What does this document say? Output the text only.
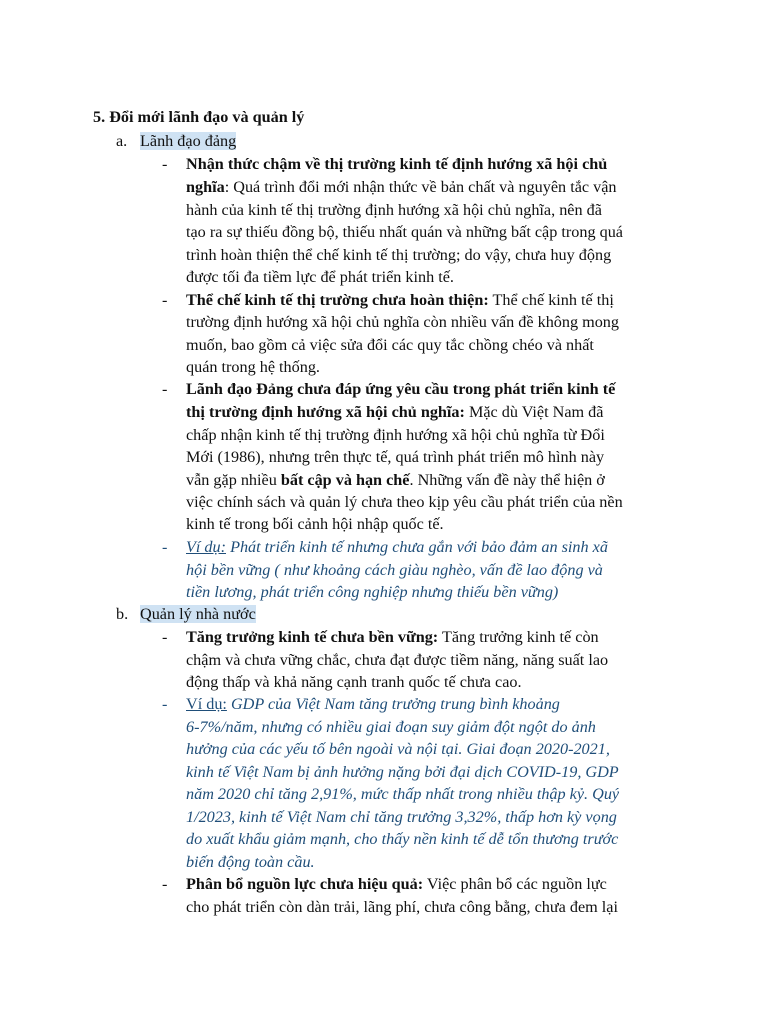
5. Đổi mới lãnh đạo và quản lý
a. Lãnh đạo đảng
- Nhận thức chậm về thị trường kinh tế định hướng xã hội chủ
nghĩa: Quá trình đổi mới nhận thức về bản chất và nguyên tắc vận
hành của kinh tế thị trường định hướng xã hội chủ nghĩa, nên đã
tạo ra sự thiếu đồng bộ, thiếu nhất quán và những bất cập trong quá
trình hoàn thiện thể chế kinh tế thị trường; do vậy, chưa huy động
được tối đa tiềm lực để phát triển kinh tế.
- Thể chế kinh tế thị trường chưa hoàn thiện: Thể chế kinh tế thị
trường định hướng xã hội chủ nghĩa còn nhiều vấn đề không mong
muốn, bao gồm cả việc sửa đổi các quy tắc chồng chéo và nhất
quán trong hệ thống.
- Lãnh đạo Đảng chưa đáp ứng yêu cầu trong phát triển kinh tế
thị trường định hướng xã hội chủ nghĩa: Mặc dù Việt Nam đã
chấp nhận kinh tế thị trường định hướng xã hội chủ nghĩa từ Đổi
Mới (1986), nhưng trên thực tế, quá trình phát triển mô hình này
vẫn gặp nhiều bất cập và hạn chế. Những vấn đề này thể hiện ở
việc chính sách và quản lý chưa theo kịp yêu cầu phát triển của nền
kinh tế trong bối cảnh hội nhập quốc tế.
- Ví dụ: Phát triển kinh tế nhưng chưa gắn với bảo đảm an sinh xã
hội bền vững ( như khoảng cách giàu nghèo, vấn đề lao động và
tiền lương, phát triển công nghiệp nhưng thiếu bền vững)
b. Quản lý nhà nước
- Tăng trưởng kinh tế chưa bền vững: Tăng trưởng kinh tế còn
chậm và chưa vững chắc, chưa đạt được tiềm năng, năng suất lao
động thấp và khả năng cạnh tranh quốc tế chưa cao.
- Ví dụ: GDP của Việt Nam tăng trưởng trung bình khoảng
6-7%/năm, nhưng có nhiều giai đoạn suy giảm đột ngột do ảnh
hưởng của các yếu tố bên ngoài và nội tại. Giai đoạn 2020-2021,
kinh tế Việt Nam bị ảnh hưởng nặng bởi đại dịch COVID-19, GDP
năm 2020 chỉ tăng 2,91%, mức thấp nhất trong nhiều thập kỷ. Quý
1/2023, kinh tế Việt Nam chỉ tăng trưởng 3,32%, thấp hơn kỳ vọng
do xuất khẩu giảm mạnh, cho thấy nền kinh tế dễ tổn thương trước
biến động toàn cầu.
- Phân bổ nguồn lực chưa hiệu quả: Việc phân bổ các nguồn lực
cho phát triển còn dàn trải, lãng phí, chưa công bằng, chưa đem lại
